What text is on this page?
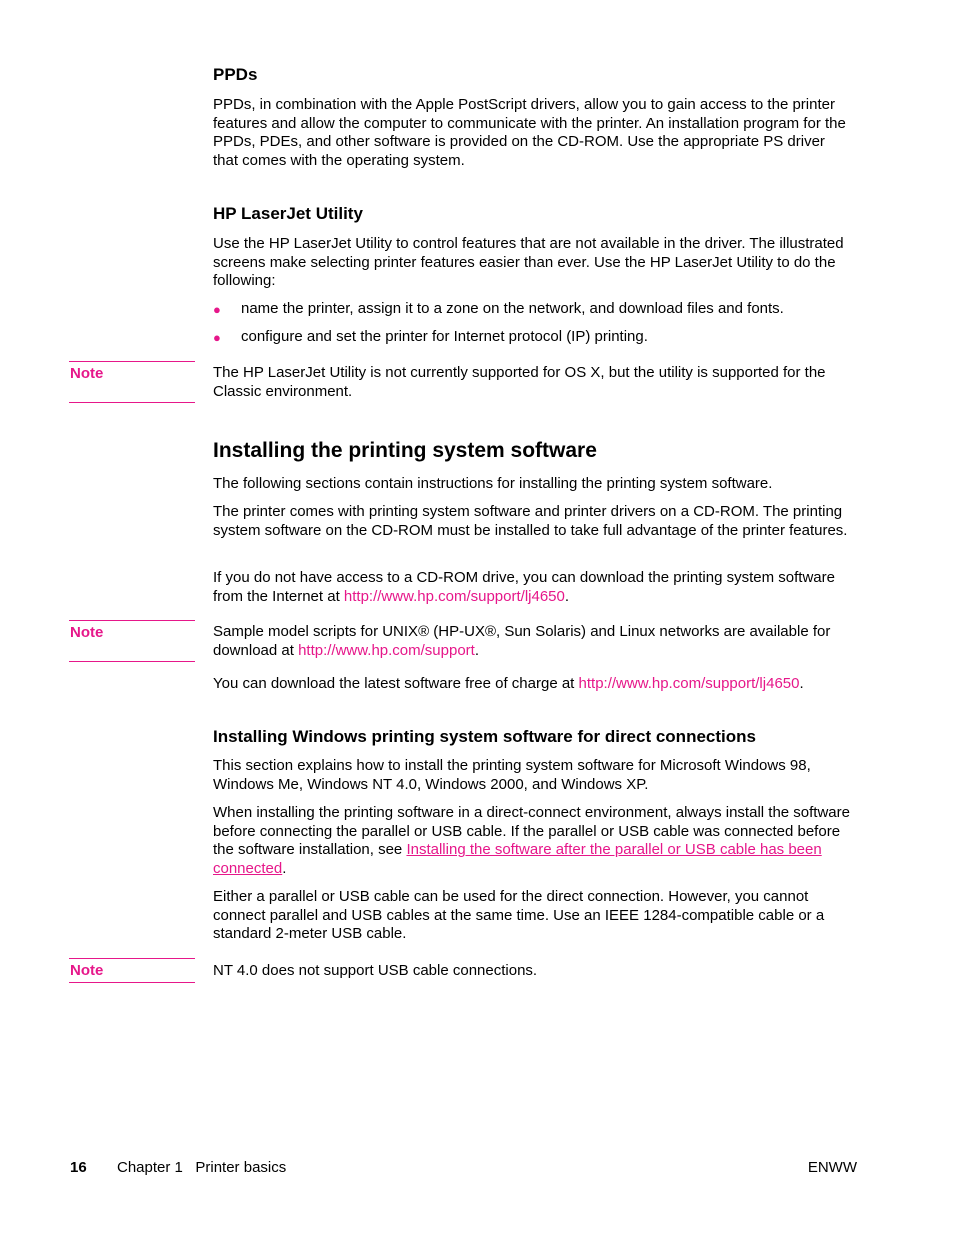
PPDs

PPDs, in combination with the Apple PostScript drivers, allow you to gain access to the printer features and allow the computer to communicate with the printer. An installation program for the PPDs, PDEs, and other software is provided on the CD-ROM. Use the appropriate PS driver that comes with the operating system.

HP LaserJet Utility

Use the HP LaserJet Utility to control features that are not available in the driver. The illustrated screens make selecting printer features easier than ever. Use the HP LaserJet Utility to do the following:

● name the printer, assign it to a zone on the network, and download files and fonts.

● configure and set the printer for Internet protocol (IP) printing.

Note	The HP LaserJet Utility is not currently supported for OS X, but the utility is supported for the Classic environment.

Installing the printing system software

The following sections contain instructions for installing the printing system software.

The printer comes with printing system software and printer drivers on a CD-ROM. The printing system software on the CD-ROM must be installed to take full advantage of the printer features.

If you do not have access to a CD-ROM drive, you can download the printing system software from the Internet at http://www.hp.com/support/lj4650.

Note	Sample model scripts for UNIX® (HP-UX®, Sun Solaris) and Linux networks are available for download at http://www.hp.com/support.

You can download the latest software free of charge at http://www.hp.com/support/lj4650.

Installing Windows printing system software for direct connections

This section explains how to install the printing system software for Microsoft Windows 98, Windows Me, Windows NT 4.0, Windows 2000, and Windows XP.

When installing the printing software in a direct-connect environment, always install the software before connecting the parallel or USB cable. If the parallel or USB cable was connected before the software installation, see Installing the software after the parallel or USB cable has been connected.

Either a parallel or USB cable can be used for the direct connection. However, you cannot connect parallel and USB cables at the same time. Use an IEEE 1284-compatible cable or a standard 2-meter USB cable.

Note	NT 4.0 does not support USB cable connections.

16 Chapter 1   Printer basics	ENWW
